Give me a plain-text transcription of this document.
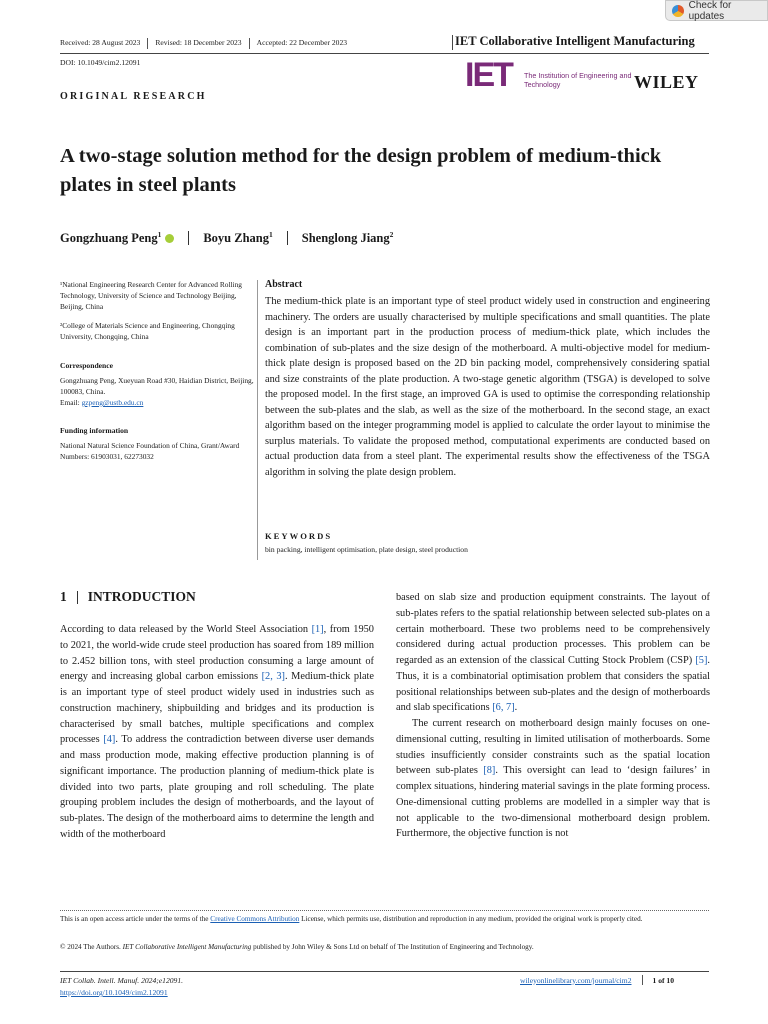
Check for updates
Received: 28 August 2023 Revised: 18 December 2023 Accepted: 22 December 2023	IET Collaborative Intelligent Manufacturing
DOI: 10.1049/cim2.12091	IET The Institution of Engineering and Technology	WILEY
ORIGINAL RESEARCH
A two-stage solution method for the design problem of medium-thick plates in steel plants
Gongzhuang Peng$^1$	Boyu Zhang$^1$ Shenglong Jiang$^2$
¹National Engineering Research Center for Advanced Rolling Technology, University of Science and Technology Beijing, Beijing, China
²College of Materials Science and Engineering, Chongqing University, Chongqing, China
Correspondence
Gongzhuang Peng, Xueyuan Road #30, Haidian District, Beijing, 100083, China.
Email: gzpeng@ustb.edu.cn
Funding information
National Natural Science Foundation of China, Grant/Award Numbers: 61903031, 62273032
Abstract

The medium-thick plate is an important type of steel product widely used in construction and engineering machinery. The orders are usually characterised by multiple specifications and small quantities. The plate design is an important part in the production process of medium-thick plate, which includes the combination of sub-plates and the size design of the motherboard. A multi-objective model for medium-thick plate design is proposed based on the 2D bin packing model, comprehensively considering spatial and size constraints of the plate production. A two-stage genetic algorithm (TSGA) is developed to solve the proposed model. In the first stage, an improved GA is used to optimise the corresponding relationship between the sub-plates and the slab, as well as the size of the motherboard. In the second stage, an exact algorithm based on the integer programming model is applied to calculate the order layout to minimise the surplus materials. To validate the proposed method, computational experiments are conducted based on actual production data from a steel plant. The experimental results show the effectiveness of the TSGA algorithm in solving the plate design problem.

KEYWORDS
bin packing, intelligent optimisation, plate design, steel production
1 INTRODUCTION

According to data released by the World Steel Association [1], from 1950 to 2021, the world-wide crude steel production has soared from 189 million to 2.452 billion tons, with steel production consuming a large amount of energy and increasing global carbon emissions [2, 3]. Medium-thick plate is an important type of steel product widely used in industries such as construction machinery, shipbuilding and bridges and its production is characterised by small batches, multiple specifications and complex processes [4]. To address the contradiction between diverse user demands and mass production mode, making effective production planning is of significant importance. The production planning of medium-thick plate is divided into two parts, plate grouping and roll scheduling. The plate grouping problem includes the design of motherboards, and the layout of sub-plates. The design of the motherboard aims to determine the length and width of the motherboard

based on slab size and production equipment constraints. The layout of sub-plates refers to the spatial relationship between selected sub-plates on a certain motherboard. These two problems need to be comprehensively considered during actual production processes. This problem can be regarded as an extension of the classical Cutting Stock Problem (CSP) [5]. Thus, it is a combinatorial optimisation problem that considers the spatial positional relationships between sub-plates and the design of motherboards and slab specifications [6, 7].

The current research on motherboard design mainly focuses on one-dimensional cutting, resulting in limited utilisation of motherboards. Some studies insufficiently consider constraints such as the spatial location between sub-plates [8]. This oversight can lead to ‘design failures’ in complex situations, hindering material savings in the plate forming process. One-dimensional cutting problems are modelled in a simpler way that is not applicable to the two-dimensional motherboard design problem. Furthermore, the objective function is not

This is an open access article under the terms of the Creative Commons Attribution License, which permits use, distribution and reproduction in any medium, provided the original work is properly cited.
© 2024 The Authors. IET Collaborative Intelligent Manufacturing published by John Wiley & Sons Ltd on behalf of The Institution of Engineering and Technology.
IET Collab. Intell. Manuf. 2024;e12091.
https://doi.org/10.1049/cim2.12091
wileyonlinelibrary.com/journal/cim2	1 of 10
